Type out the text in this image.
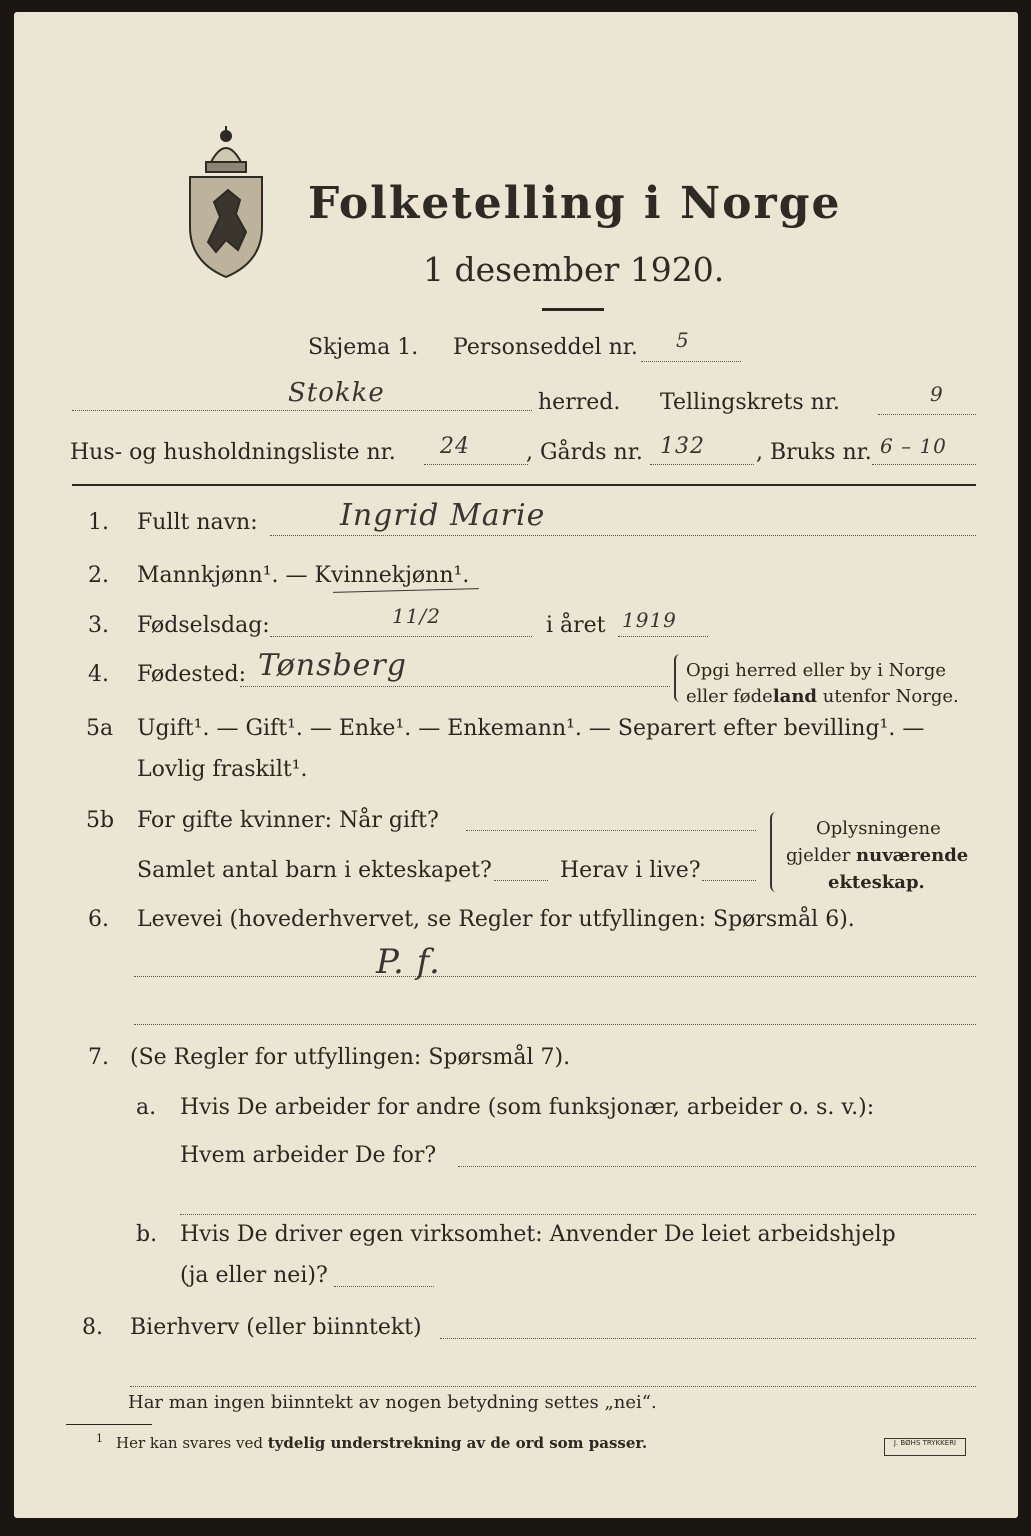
Folketelling i Norge
1 desember 1920.
Skjema 1. Personseddel nr. 5
Stokke	herred. Tellingskrets nr.	9
Hus- og husholdningsliste nr. 24	, Gårds nr. 132 , Bruks nr. 6 – 10
1. Fullt navn:	Ingrid Marie
2. Mannkjønn¹. — Kvinnekjønn¹.
3. Fødselsdag:	11/2	i året 1919
4. Fødested: Tønsberg	Opgi herred eller by i Norge
eller fødeland utenfor Norge.
5a Ugift¹. — Gift¹. — Enke¹. — Enkemann¹. — Separert efter bevilling¹. —
Lovlig fraskilt¹.
5b For gifte kvinner: Når gift?
Samlet antal barn i ekteskapet?	Herav i live?
Oplysningene
gjelder nuværende
ekteskap.
6. Levevei (hovederhvervet, se Regler for utfyllingen: Spørsmål 6).
P. f.
7. (Se Regler for utfyllingen: Spørsmål 7).
a. Hvis De arbeider for andre (som funksjonær, arbeider o. s. v.):
Hvem arbeider De for?
b. Hvis De driver egen virksomhet: Anvender De leiet arbeidshjelp
(ja eller nei)?
8. Bierhverv (eller biinntekt)
Har man ingen biinntekt av nogen betydning settes „nei“.
1 Her kan svares ved tydelig understrekning av de ord som passer.	J. BØHS TRYKKERI
